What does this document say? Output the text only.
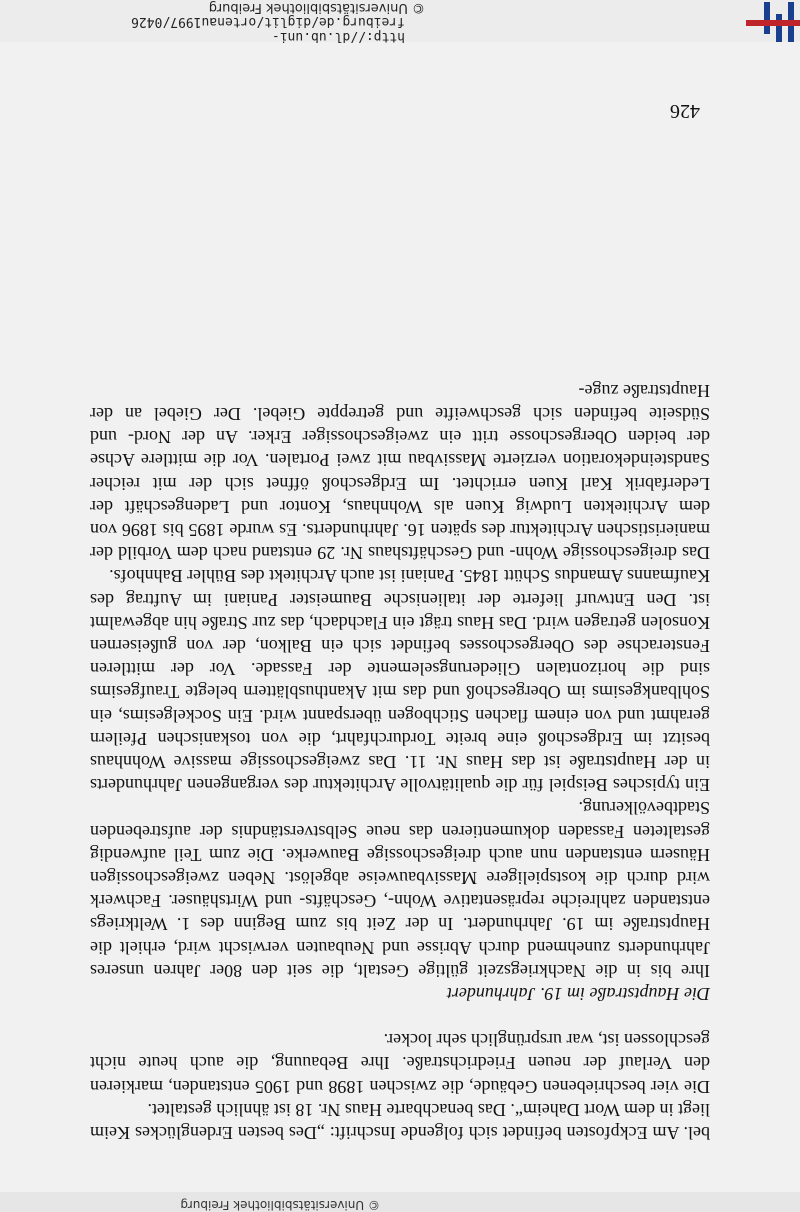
© Universitätsbibliothek Freiburg

bel. Am Eckpfosten befindet sich folgende Inschrift: „Des besten Erdenglückes Keim liegt in dem Wort Daheim“. Das benachbarte Haus Nr. 18 ist ähnlich gestaltet.

Die vier beschriebenen Gebäude, die zwischen 1898 und 1905 entstanden, markieren den Verlauf der neuen Friedrichstraße. Ihre Bebauung, die auch heute nicht geschlossen ist, war ursprünglich sehr locker.

Die Hauptstraße im 19. Jahrhundert

Ihre bis in die Nachkriegszeit gültige Gestalt, die seit den 80er Jahren unseres Jahrhunderts zunehmend durch Abrisse und Neubauten verwischt wird, erhielt die Hauptstraße im 19. Jahrhundert. In der Zeit bis zum Beginn des 1. Weltkriegs entstanden zahlreiche repräsentative Wohn-, Geschäfts- und Wirtshäuser. Fachwerk wird durch die kostspieligere Massivbauweise abgelöst. Neben zweigeschossigen Häusern entstanden nun auch dreigeschossige Bauwerke. Die zum Teil aufwendig gestalteten Fassaden dokumentieren das neue Selbstverständnis der aufstrebenden Stadtbevölkerung.

Ein typisches Beispiel für die qualitätvolle Architektur des vergangenen Jahrhunderts in der Hauptstraße ist das Haus Nr. 11. Das zweigeschossige massive Wohnhaus besitzt im Erdgeschoß eine breite Tordurchfahrt, die von toskanischen Pfeilern gerahmt und von einem flachen Stichbogen überspannt wird. Ein Sockelgesims, ein Sohlbankgesims im Obergeschoß und das mit Akanthusblättern belegte Traufgesims sind die horizontalen Gliederungselemente der Fassade. Vor der mittleren Fensterachse des Obergeschosses befindet sich ein Balkon, der von gußeisernen Konsolen getragen wird. Das Haus trägt ein Flachdach, das zur Straße hin abgewalmt ist. Den Entwurf lieferte der italienische Baumeister Paniani im Auftrag des Kaufmanns Amandus Schütt 1845. Paniani ist auch Architekt des Bühler Bahnhofs.

Das dreigeschossige Wohn- und Geschäftshaus Nr. 29 entstand nach dem Vorbild der manieristischen Architektur des späten 16. Jahrhunderts. Es wurde 1895 bis 1896 von dem Architekten Ludwig Kuen als Wohnhaus, Kontor und Ladengeschäft der Lederfabrik Karl Kuen errichtet. Im Erdgeschoß öffnet sich der mit reicher Sandsteindekoration verzierte Massivbau mit zwei Portalen. Vor die mittlere Achse der beiden Obergeschosse tritt ein zweigeschossiger Erker. An der Nord- und Südseite befinden sich geschweifte und getreppte Giebel. Der Giebel an der Hauptstraße zuge-

426
http://dl.ub.uni-freiburg.de/diglit/ortenau1997/0426
© Universitätsbibliothek Freiburg
